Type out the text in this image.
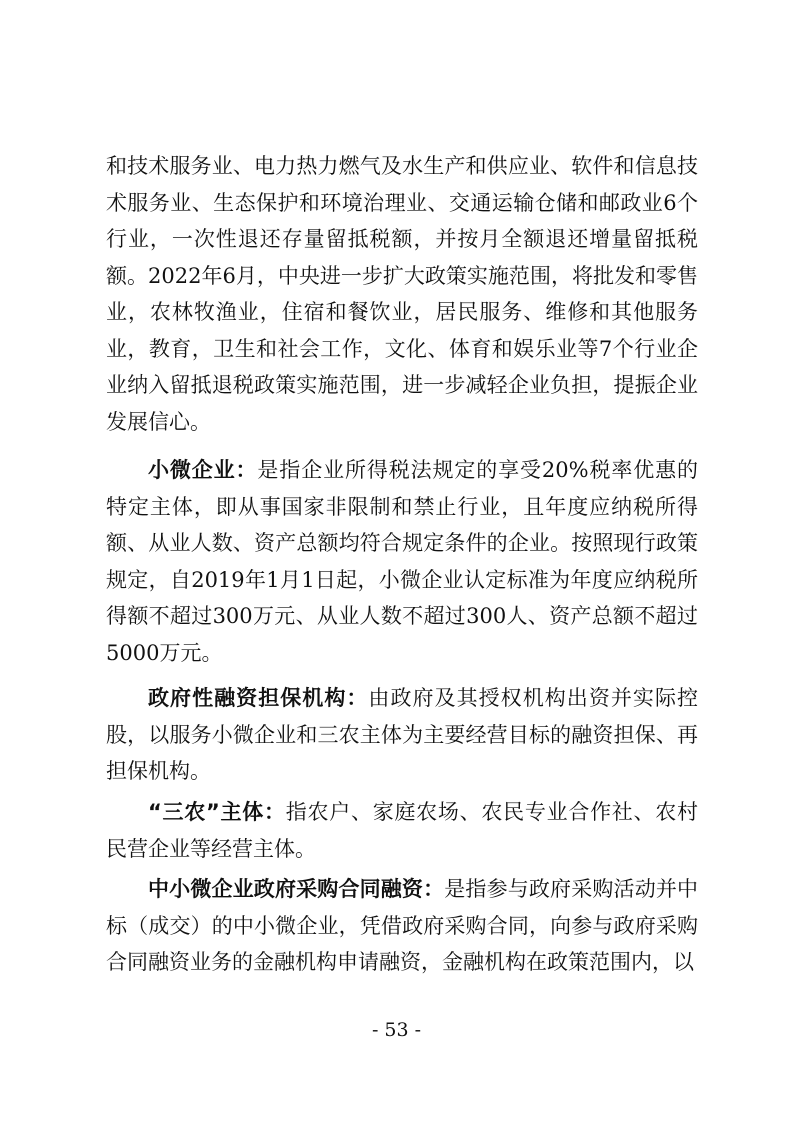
和技术服务业、电力热力燃气及水生产和供应业、软件和信息技术服务业、生态保护和环境治理业、交通运输仓储和邮政业6个行业，一次性退还存量留抵税额，并按月全额退还增量留抵税额。2022年6月，中央进一步扩大政策实施范围，将批发和零售业，农林牧渔业，住宿和餐饮业，居民服务、维修和其他服务业，教育，卫生和社会工作，文化、体育和娱乐业等7个行业企业纳入留抵退税政策实施范围，进一步减轻企业负担，提振企业发展信心。

小微企业：是指企业所得税法规定的享受20%税率优惠的特定主体，即从事国家非限制和禁止行业，且年度应纳税所得额、从业人数、资产总额均符合规定条件的企业。按照现行政策规定，自2019年1月1日起，小微企业认定标准为年度应纳税所得额不超过300万元、从业人数不超过300人、资产总额不超过5000万元。

政府性融资担保机构：由政府及其授权机构出资并实际控股，以服务小微企业和三农主体为主要经营目标的融资担保、再担保机构。

“三农”主体：指农户、家庭农场、农民专业合作社、农村民营企业等经营主体。

中小微企业政府采购合同融资：是指参与政府采购活动并中标（成交）的中小微企业，凭借政府采购合同，向参与政府采购合同融资业务的金融机构申请融资，金融机构在政策范围内，以

- 53 -
